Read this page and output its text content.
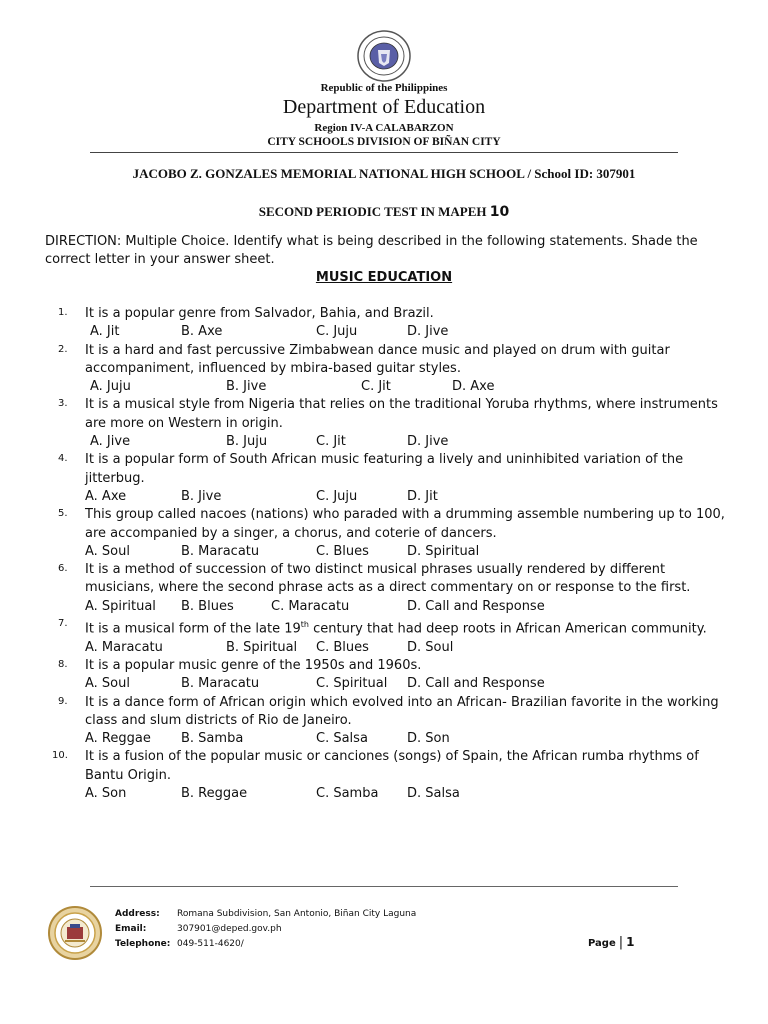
Republic of the Philippines
Department of Education
Region IV-A CALABARZON
CITY SCHOOLS DIVISION OF BIÑAN CITY
JACOBO Z. GONZALES MEMORIAL NATIONAL HIGH SCHOOL / School ID: 307901
SECOND PERIODIC TEST IN MAPEH 10
DIRECTION: Multiple Choice. Identify what is being described in the following statements. Shade the correct letter in your answer sheet.
MUSIC EDUCATION
1.	It is a popular genre from Salvador, Bahia, and Brazil.
A. Jit	B. Axe	C. Juju	D. Jive
2.	It is a hard and fast percussive Zimbabwean dance music and played on drum with guitar accompaniment, influenced by mbira-based guitar styles.
A. Juju	B. Jive	C. Jit	D. Axe
3.	It is a musical style from Nigeria that relies on the traditional Yoruba rhythms, where instruments are more on Western in origin.
A. Jive	B. Juju	C. Jit	D. Jive
4.	It is a popular form of South African music featuring a lively and uninhibited variation of the jitterbug.
A. Axe	B. Jive	C. Juju	D. Jit
5.	This group called nacoes (nations) who paraded with a drumming assemble numbering up to 100, are accompanied by a singer, a chorus, and coterie of dancers.
A. Soul	B. Maracatu	C. Blues	D. Spiritual
6.	It is a method of succession of two distinct musical phrases usually rendered by different musicians, where the second phrase acts as a direct commentary on or response to the first.
A. Spiritual B. Blues	C. Maracatu	D. Call and Response
7.	It is a musical form of the late 19th century that had deep roots in African American community.
A. Maracatu	B. Spiritual C. Blues	D. Soul
8.	It is a popular music genre of the 1950s and 1960s.
A. Soul	B. Maracatu	C. Spiritual D. Call and Response
9.	It is a dance form of African origin which evolved into an African- Brazilian favorite in the working class and slum districts of Rio de Janeiro.
A. Reggae B. Samba	C. Salsa	D. Son
10.	It is a fusion of the popular music or canciones (songs) of Spain, the African rumba rhythms of Bantu Origin.
A. Son	B. Reggae	C. Samba D. Salsa
Address: Romana Subdivision, San Antonio, Biñan City Laguna
Email:	307901@deped.gov.ph
Telephone: 049-511-4620/	Page | 1
